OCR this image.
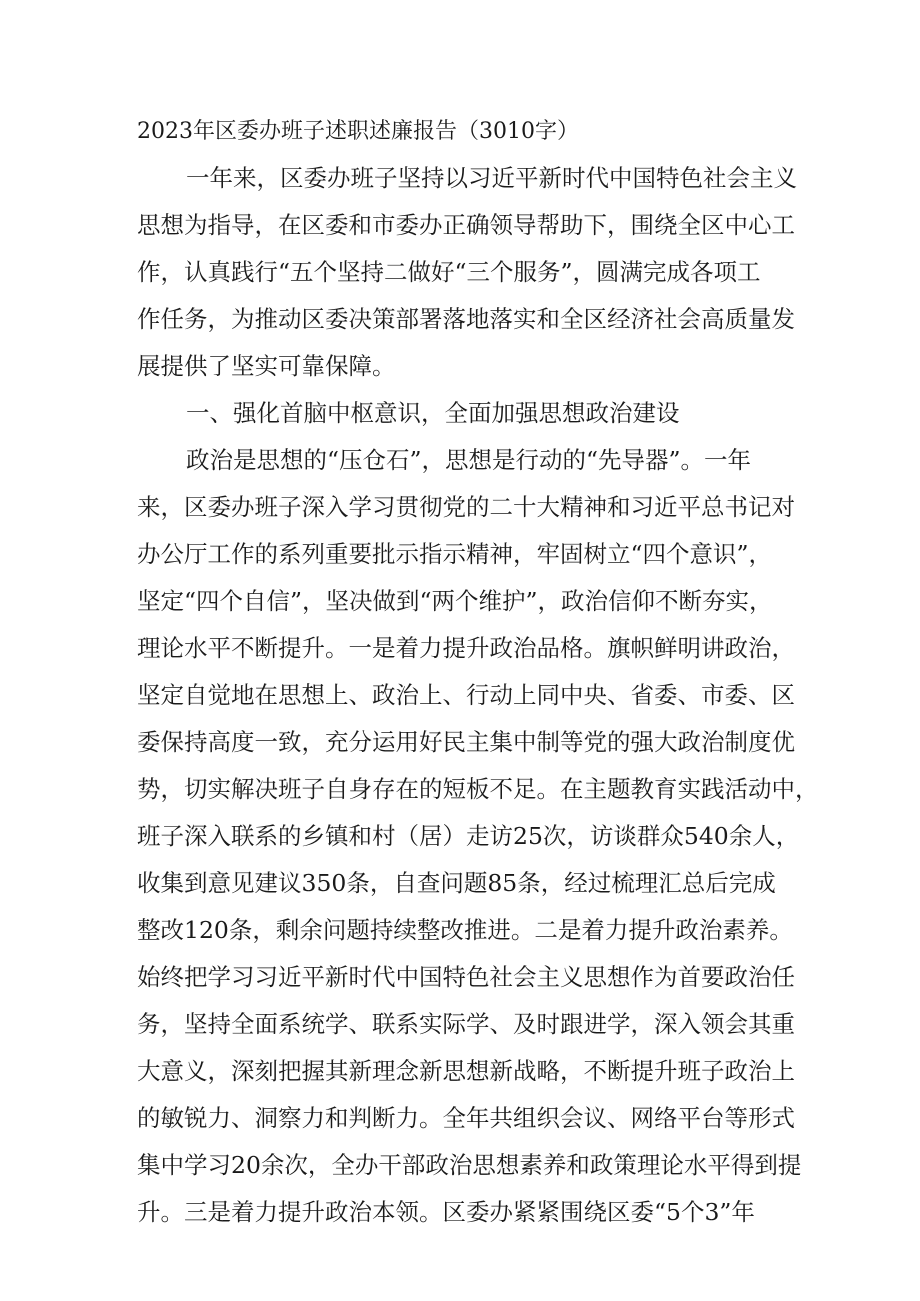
2023年区委办班子述职述廉报告（3010字）
一年来，区委办班子坚持以习近平新时代中国特色社会主义
思想为指导，在区委和市委办正确领导帮助下，围绕全区中心工
作，认真践行“五个坚持二做好“三个服务”，圆满完成各项工
作任务，为推动区委决策部署落地落实和全区经济社会高质量发
展提供了坚实可靠保障。
一、强化首脑中枢意识，全面加强思想政治建设
政治是思想的“压仓石”，思想是行动的“先导器”。一年
来，区委办班子深入学习贯彻党的二十大精神和习近平总书记对
办公厅工作的系列重要批示指示精神，牢固树立“四个意识”，
坚定“四个自信”，坚决做到“两个维护”，政治信仰不断夯实，
理论水平不断提升。一是着力提升政治品格。旗帜鲜明讲政治，
坚定自觉地在思想上、政治上、行动上同中央、省委、市委、区
委保持高度一致，充分运用好民主集中制等党的强大政治制度优
势，切实解决班子自身存在的短板不足。在主题教育实践活动中，
班子深入联系的乡镇和村（居）走访25次，访谈群众540余人，
收集到意见建议350条，自查问题85条，经过梳理汇总后完成
整改120条，剩余问题持续整改推进。二是着力提升政治素养。
始终把学习习近平新时代中国特色社会主义思想作为首要政治任
务，坚持全面系统学、联系实际学、及时跟进学，深入领会其重
大意义，深刻把握其新理念新思想新战略，不断提升班子政治上
的敏锐力、洞察力和判断力。全年共组织会议、网络平台等形式
集中学习20余次，全办干部政治思想素养和政策理论水平得到提
升。三是着力提升政治本领。区委办紧紧围绕区委“5个3”年
